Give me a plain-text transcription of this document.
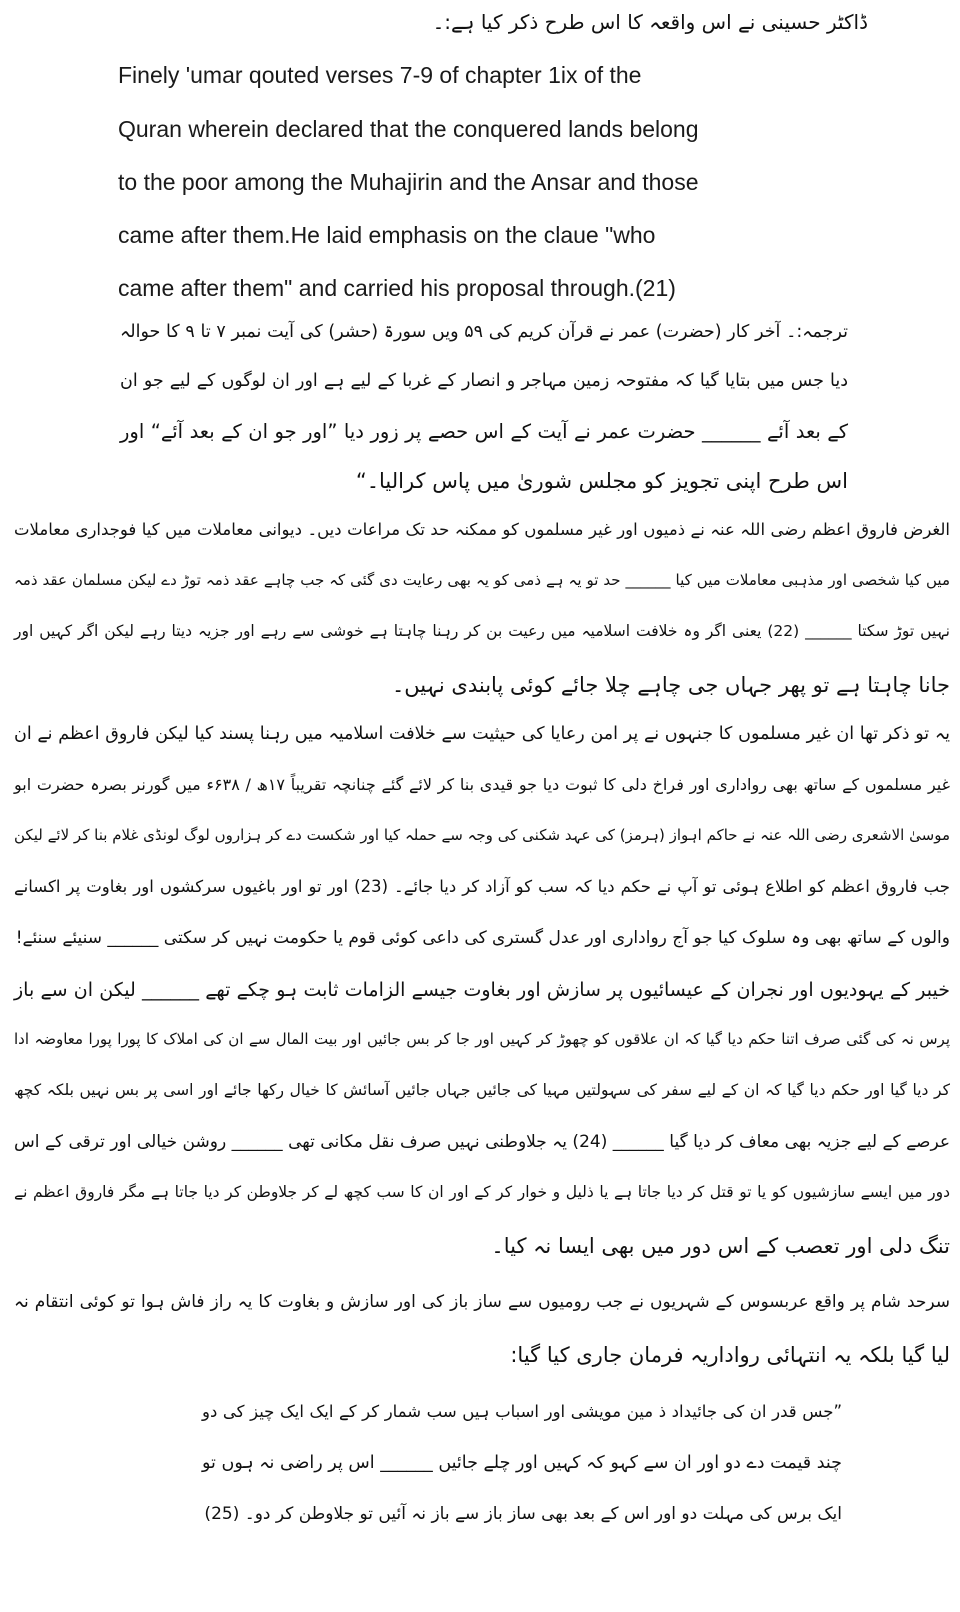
ڈاکٹر حسینی نے اس واقعہ کا اس طرح ذکر کیا ہے:۔

Finely 'umar qouted verses 7-9 of chapter 1ix of the

Quran wherein declared that the conquered lands belong

to the poor among the Muhajirin and the Ansar and those

came after them.He laid emphasis on the claue "who

came after them" and carried his proposal through.(21)

ترجمہ:۔ آخر کار (حضرت) عمر نے قرآن کریم کی ۵۹ ویں سورۃ (حشر) کی آیت نمبر ۷ تا ۹ کا حوالہ

دیا جس میں بتایا گیا کہ مفتوحہ زمین مہاجر و انصار کے غربا کے لیے ہے اور ان لوگوں کے لیے جو ان

کے بعد آئے ______ حضرت عمر نے آیت کے اس حصے پر زور دیا ”اور جو ان کے بعد آئے“ اور

اس طرح اپنی تجویز کو مجلس شوریٰ میں پاس کرالیا۔“

الغرض فاروق اعظم رضی اللہ عنہ نے ذمیوں اور غیر مسلموں کو ممکنہ حد تک مراعات دیں۔ دیوانی معاملات میں کیا فوجداری معاملات

میں کیا شخصی اور مذہبی معاملات میں کیا ______ حد تو یہ ہے ذمی کو یہ بھی رعایت دی گئی کہ جب چاہے عقد ذمہ توڑ دے لیکن مسلمان عقد ذمہ

نہیں توڑ سکتا ______ (22) یعنی اگر وہ خلافت اسلامیہ میں رعیت بن کر رہنا چاہتا ہے خوشی سے رہے اور جزیہ دیتا رہے لیکن اگر کہیں اور

جانا چاہتا ہے تو پھر جہاں جی چاہے چلا جائے کوئی پابندی نہیں۔

یہ تو ذکر تھا ان غیر مسلموں کا جنہوں نے پر امن رعایا کی حیثیت سے خلافت اسلامیہ میں رہنا پسند کیا لیکن فاروق اعظم نے ان

غیر مسلموں کے ساتھ بھی رواداری اور فراخ دلی کا ثبوت دیا جو قیدی بنا کر لائے گئے چنانچہ تقریباً ۱۷ھ / ۶۳۸ء میں گورنر بصرہ حضرت ابو

موسیٰ الاشعری رضی اللہ عنہ نے حاکم اہواز (ہرمز) کی عہد شکنی کی وجہ سے حملہ کیا اور شکست دے کر ہزاروں لوگ لونڈی غلام بنا کر لائے لیکن

جب فاروق اعظم کو اطلاع ہوئی تو آپ نے حکم دیا کہ سب کو آزاد کر دیا جائے۔ (23) اور تو اور باغیوں سرکشوں اور بغاوت پر اکسانے

والوں کے ساتھ بھی وہ سلوک کیا جو آج رواداری اور عدل گستری کی داعی کوئی قوم یا حکومت نہیں کر سکتی ______ سنیئے سنئے!

خیبر کے یہودیوں اور نجران کے عیسائیوں پر سازش اور بغاوت جیسے الزامات ثابت ہو چکے تھے ______ لیکن ان سے باز

پرس نہ کی گئی صرف اتنا حکم دیا گیا کہ ان علاقوں کو چھوڑ کر کہیں اور جا کر بس جائیں اور بیت المال سے ان کی املاک کا پورا پورا معاوضہ ادا

کر دیا گیا اور حکم دیا گیا کہ ان کے لیے سفر کی سہولتیں مہیا کی جائیں جہاں جائیں آسائش کا خیال رکھا جائے اور اسی پر بس نہیں بلکہ کچھ

عرصے کے لیے جزیہ بھی معاف کر دیا گیا ______ (24) یہ جلاوطنی نہیں صرف نقل مکانی تھی ______ روشن خیالی اور ترقی کے اس

دور میں ایسے سازشیوں کو یا تو قتل کر دیا جاتا ہے یا ذلیل و خوار کر کے اور ان کا سب کچھ لے کر جلاوطن کر دیا جاتا ہے مگر فاروق اعظم نے

تنگ دلی اور تعصب کے اس دور میں بھی ایسا نہ کیا۔

سرحد شام پر واقع عربسوس کے شہریوں نے جب رومیوں سے ساز باز کی اور سازش و بغاوت کا یہ راز فاش ہوا تو کوئی انتقام نہ

لیا گیا بلکہ یہ انتہائی رواداریہ فرمان جاری کیا گیا:

”جس قدر ان کی جائیداد ذ مین مویشی اور اسباب ہیں سب شمار کر کے ایک ایک چیز کی دو

چند قیمت دے دو اور ان سے کہو کہ کہیں اور چلے جائیں ______ اس پر راضی نہ ہوں تو

ایک برس کی مہلت دو اور اس کے بعد بھی ساز باز سے باز نہ آئیں تو جلاوطن کر دو۔ (25)
